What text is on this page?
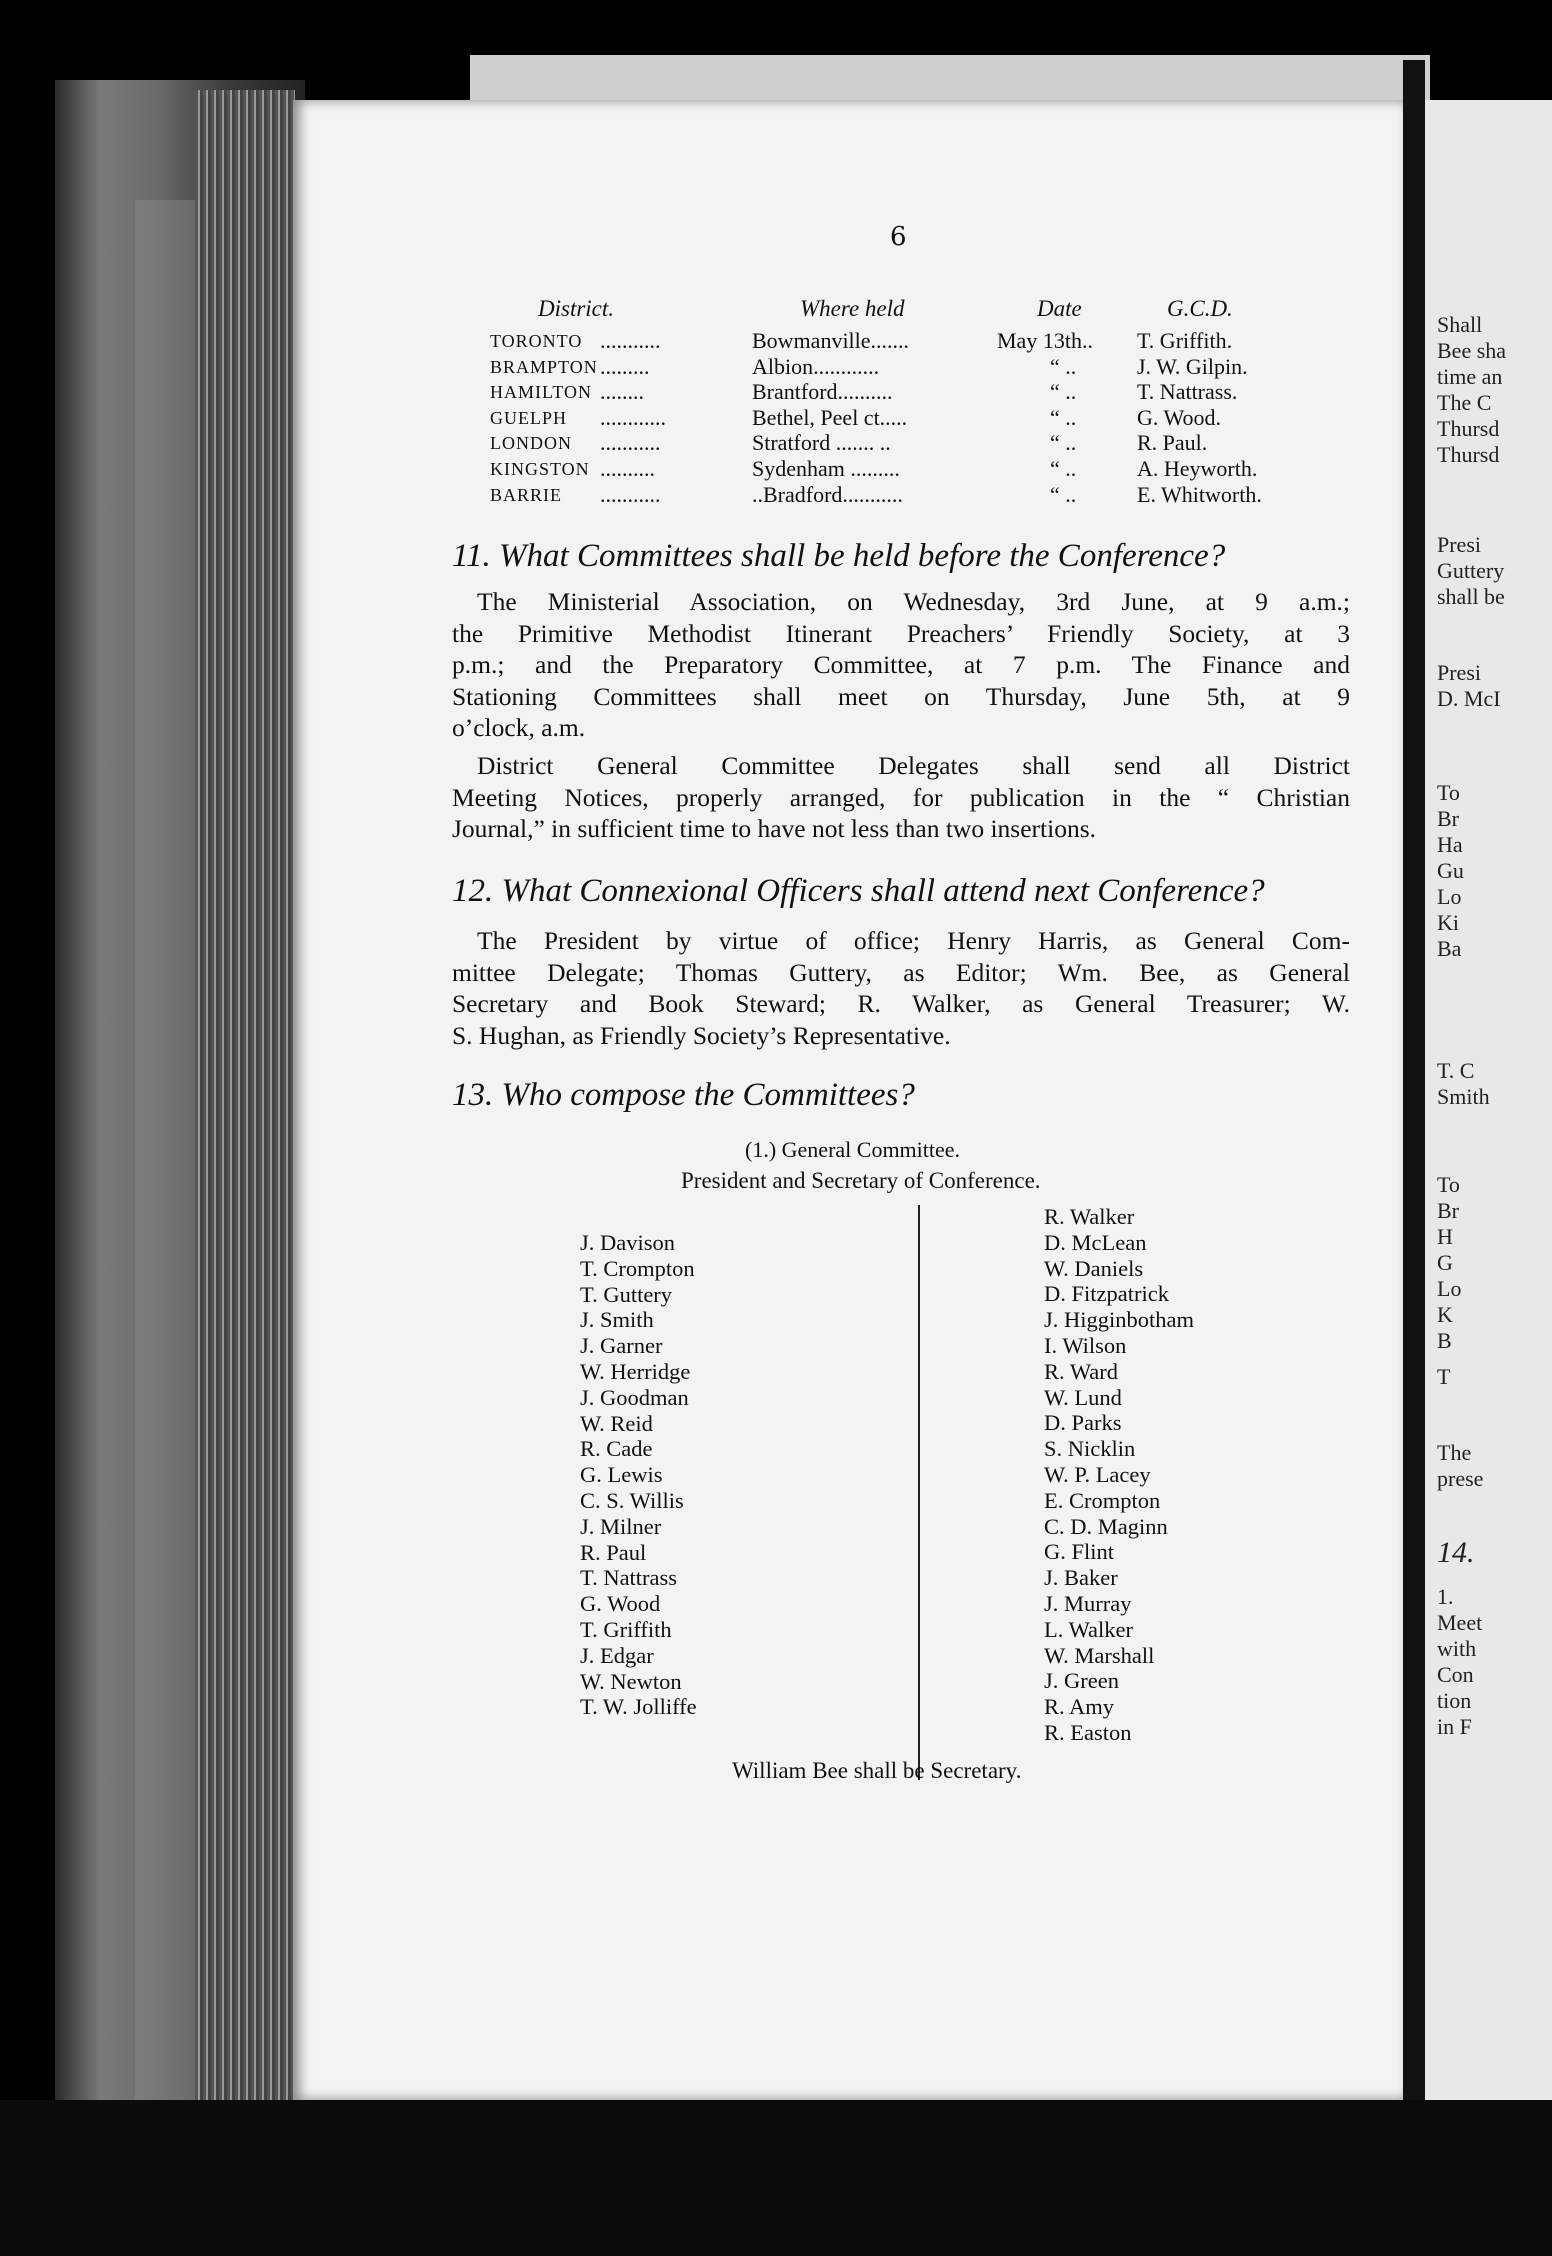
Shall
Bee sha
time an
The C
Thursd
Thursd
Presi
Guttery
shall be
Presi
D. McI
To
Br
Ha
Gu
Lo
Ki
Ba
T. C
Smith
To
Br
H
G
Lo
K
B
T
The
prese
14.
1.
Meet
with
Con
tion
in F
6
District.	Where held	Date	G.C.D.
TORONTO ...........	Bowmanville.......	May 13th.. T. Griffith.
BRAMPTON .........	Albion............	“ ..	J. W. Gilpin.
HAMILTON ........	Brantford..........	“ ..	T. Nattrass.
GUELPH ............	Bethel, Peel ct.....	“ ..	G. Wood.
LONDON ...........	Stratford ....... ..	“ ..	R. Paul.
KINGSTON ..........	Sydenham .........	“ ..	A. Heyworth.
BARRIE ...........	..Bradford...........	“ ..	E. Whitworth.
11. What Committees shall be held before the Conference?
The Ministerial Association, on Wednesday, 3rd June, at 9 a.m.;
the Primitive Methodist Itinerant Preachers’ Friendly Society, at 3
p.m.; and the Preparatory Committee, at 7 p.m. The Finance and
Stationing Committees shall meet on Thursday, June 5th, at 9
o’clock, a.m.
District General Committee Delegates shall send all District
Meeting Notices, properly arranged, for publication in the “ Christian
Journal,” in sufficient time to have not less than two insertions.
12. What Connexional Officers shall attend next Conference?
The President by virtue of office; Henry Harris, as General Com-
mittee Delegate; Thomas Guttery, as Editor; Wm. Bee, as General
Secretary and Book Steward; R. Walker, as General Treasurer; W.
S. Hughan, as Friendly Society’s Representative.
13. Who compose the Committees?
(1.) General Committee.
President and Secretary of Conference.
J. Davison
T. Crompton
T. Guttery
J. Smith
J. Garner
W. Herridge
J. Goodman
W. Reid
R. Cade
G. Lewis
C. S. Willis
J. Milner
R. Paul
T. Nattrass
G. Wood
T. Griffith
J. Edgar
W. Newton
T. W. Jolliffe
R. Walker
D. McLean
W. Daniels
D. Fitzpatrick
J. Higginbotham
I. Wilson
R. Ward
W. Lund
D. Parks
S. Nicklin
W. P. Lacey
E. Crompton
C. D. Maginn
G. Flint
J. Baker
J. Murray
L. Walker
W. Marshall
J. Green
R. Amy
R. Easton
William Bee shall be Secretary.
